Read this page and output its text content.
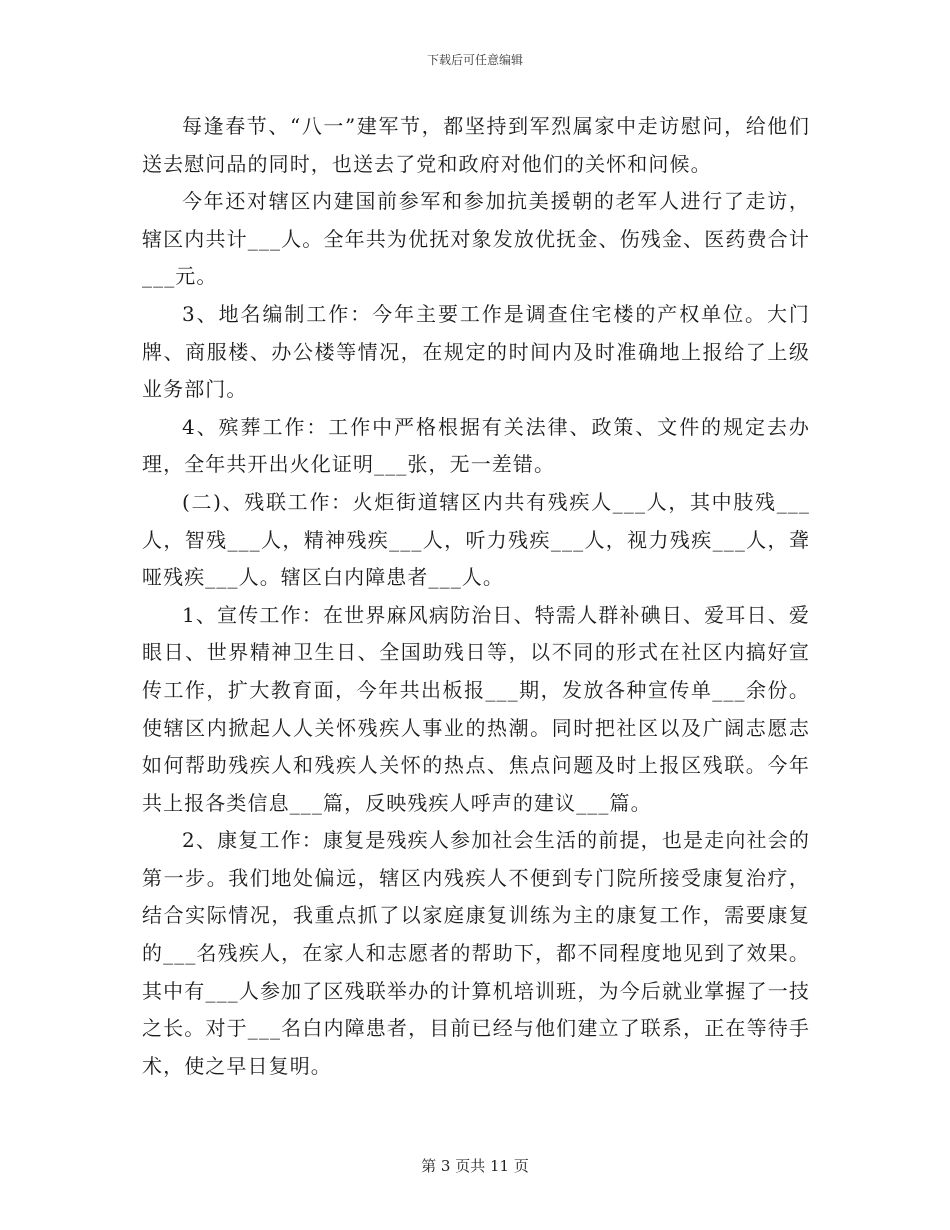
下载后可任意编辑

每逢春节、“八一”建军节，都坚持到军烈属家中走访慰问，给他们送去慰问品的同时，也送去了党和政府对他们的关怀和问候。

今年还对辖区内建国前参军和参加抗美援朝的老军人进行了走访，辖区内共计___人。全年共为优抚对象发放优抚金、伤残金、医药费合计___元。

3、地名编制工作：今年主要工作是调查住宅楼的产权单位。大门牌、商服楼、办公楼等情况，在规定的时间内及时准确地上报给了上级业务部门。

4、殡葬工作：工作中严格根据有关法律、政策、文件的规定去办理，全年共开出火化证明___张，无一差错。

(二)、残联工作：火炬街道辖区内共有残疾人___人，其中肢残___人，智残___人，精神残疾___人，听力残疾___人，视力残疾___人，聋哑残疾___人。辖区白内障患者___人。

1、宣传工作：在世界麻风病防治日、特需人群补碘日、爱耳日、爱眼日、世界精神卫生日、全国助残日等，以不同的形式在社区内搞好宣传工作，扩大教育面，今年共出板报___期，发放各种宣传单___余份。使辖区内掀起人人关怀残疾人事业的热潮。同时把社区以及广阔志愿志如何帮助残疾人和残疾人关怀的热点、焦点问题及时上报区残联。今年共上报各类信息___篇，反映残疾人呼声的建议___篇。

2、康复工作：康复是残疾人参加社会生活的前提，也是走向社会的第一步。我们地处偏远，辖区内残疾人不便到专门院所接受康复治疗，结合实际情况，我重点抓了以家庭康复训练为主的康复工作，需要康复的___名残疾人，在家人和志愿者的帮助下，都不同程度地见到了效果。其中有___人参加了区残联举办的计算机培训班，为今后就业掌握了一技之长。对于___名白内障患者，目前已经与他们建立了联系，正在等待手术，使之早日复明。

第 3 页共 11 页
